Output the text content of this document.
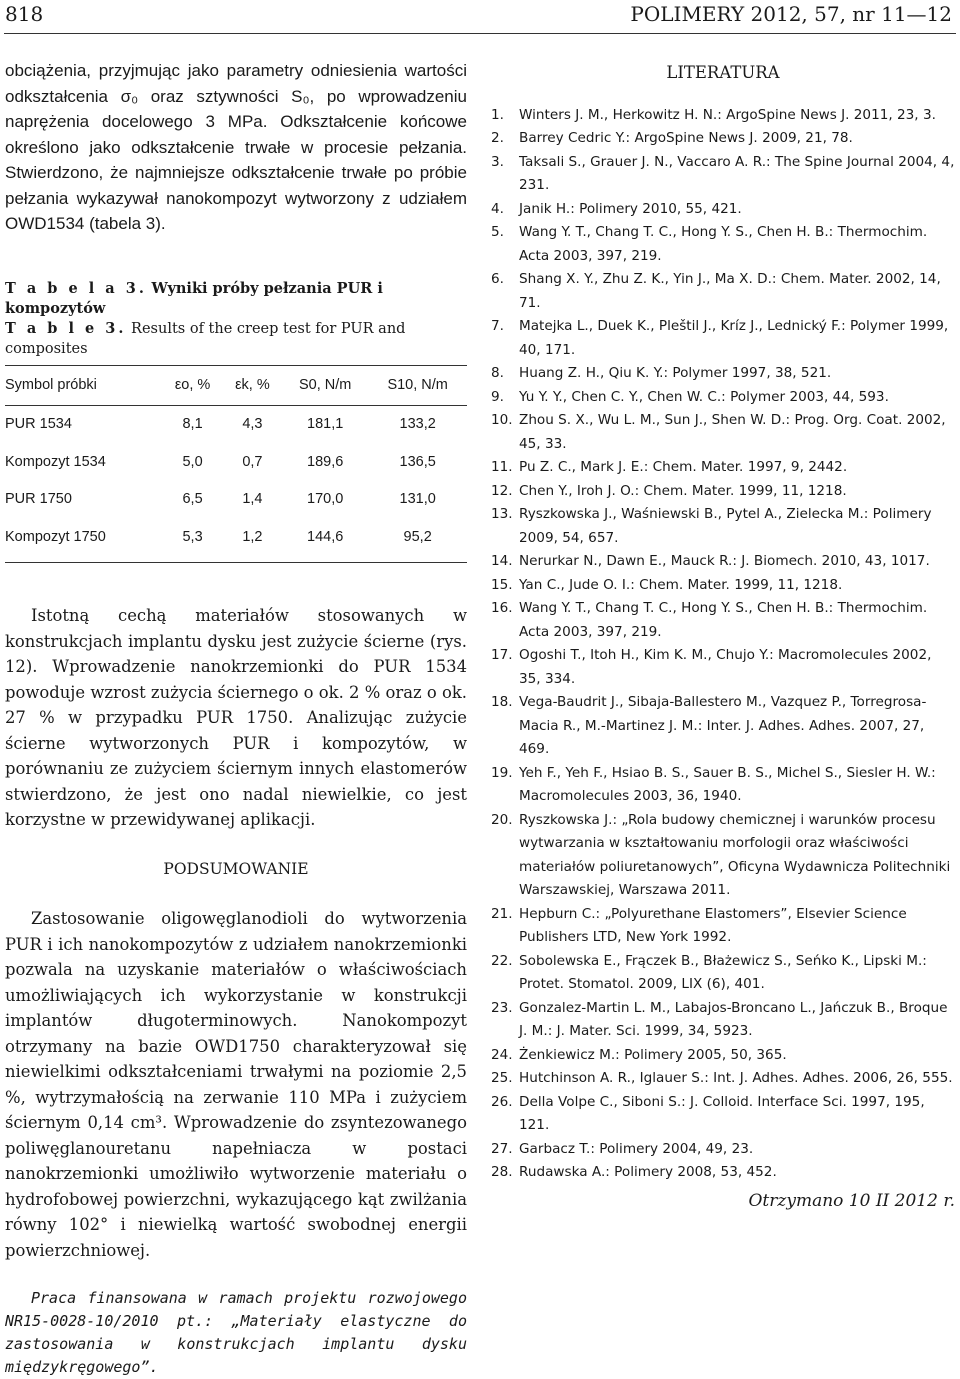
818	POLIMERY 2012, 57, nr 11—12

obciążenia, przyjmując jako parametry odniesienia wartości odkształcenia σ₀ oraz sztywności S₀, po wprowadzeniu naprężenia docelowego 3 MPa. Odkształcenie końcowe określono jako odkształcenie trwałe w procesie pełzania. Stwierdzono, że najmniejsze odkształcenie trwałe po próbie pełzania wykazywał nanokompozyt wytworzony z udziałem OWD1534 (tabela 3).

T a b e l a 3. Wyniki próby pełzania PUR i kompozytów
T a b l e 3. Results of the creep test for PUR and composites
Symbol próbki	εo, %	εk, %	S0, N/m	S10, N/m
PUR 1534	8,1	4,3	181,1	133,2
Kompozyt 1534	5,0	0,7	189,6	136,5
PUR 1750	6,5	1,4	170,0	131,0
Kompozyt 1750	5,3	1,2	144,6	95,2

Istotną cechą materiałów stosowanych w konstrukcjach implantu dysku jest zużycie ścierne (rys. 12). Wprowadzenie nanokrzemionki do PUR 1534 powoduje wzrost zużycia ściernego o ok. 2 % oraz o ok. 27 % w przypadku PUR 1750. Analizując zużycie ścierne wytworzonych PUR i kompozytów, w porównaniu ze zużyciem ściernym innych elastomerów stwierdzono, że jest ono nadal niewielkie, co jest korzystne w przewidywanej aplikacji.

PODSUMOWANIE

Zastosowanie oligowęglanodioli do wytworzenia PUR i ich nanokompozytów z udziałem nanokrzemionki pozwala na uzyskanie materiałów o właściwościach umożliwiających ich wykorzystanie w konstrukcji implantów długoterminowych. Nanokompozyt otrzymany na bazie OWD1750 charakteryzował się niewielkimi odkształceniami trwałymi na poziomie 2,5 %, wytrzymałością na zerwanie 110 MPa i zużyciem ściernym 0,14 cm³. Wprowadzenie do zsyntezowanego poliwęglanouretanu napełniacza w postaci nanokrzemionki umożliwiło wytworzenie materiału o hydrofobowej powierzchni, wykazującego kąt zwilżania równy 102° i niewielką wartość swobodnej energii powierzchniowej.

Praca finansowana w ramach projektu rozwojowego NR15-0028-10/2010 pt.: „Materiały elastyczne do zastosowania w konstrukcjach implantu dysku międzykręgowego”.

LITERATURA

1. Winters J. M., Herkowitz H. N.: ArgoSpine News J. 2011, 23, 3.
2. Barrey Cedric Y.: ArgoSpine News J. 2009, 21, 78.
3. Taksali S., Grauer J. N., Vaccaro A. R.: The Spine Journal 2004, 4, 231.
4. Janik H.: Polimery 2010, 55, 421.
5. Wang Y. T., Chang T. C., Hong Y. S., Chen H. B.: Thermochim. Acta 2003, 397, 219.
6. Shang X. Y., Zhu Z. K., Yin J., Ma X. D.: Chem. Mater. 2002, 14, 71.
7. Matejka L., Duek K., Pleštil J., Kríz J., Lednický F.: Polymer 1999, 40, 171.
8. Huang Z. H., Qiu K. Y.: Polymer 1997, 38, 521.
9. Yu Y. Y., Chen C. Y., Chen W. C.: Polymer 2003, 44, 593.
10. Zhou S. X., Wu L. M., Sun J., Shen W. D.: Prog. Org. Coat. 2002, 45, 33.
11. Pu Z. C., Mark J. E.: Chem. Mater. 1997, 9, 2442.
12. Chen Y., Iroh J. O.: Chem. Mater. 1999, 11, 1218.
13. Ryszkowska J., Waśniewski B., Pytel A., Zielecka M.: Polimery 2009, 54, 657.
14. Nerurkar N., Dawn E., Mauck R.: J. Biomech. 2010, 43, 1017.
15. Yan C., Jude O. I.: Chem. Mater. 1999, 11, 1218.
16. Wang Y. T., Chang T. C., Hong Y. S., Chen H. B.: Thermochim. Acta 2003, 397, 219.
17. Ogoshi T., Itoh H., Kim K. M., Chujo Y.: Macromolecules 2002, 35, 334.
18. Vega-Baudrit J., Sibaja-Ballestero M., Vazquez P., Torregrosa-Macia R., M.-Martinez J. M.: Inter. J. Adhes. Adhes. 2007, 27, 469.
19. Yeh F., Yeh F., Hsiao B. S., Sauer B. S., Michel S., Siesler H. W.: Macromolecules 2003, 36, 1940.
20. Ryszkowska J.: „Rola budowy chemicznej i warunków procesu wytwarzania w kształtowaniu morfologii oraz właściwości materiałów poliuretanowych”, Oficyna Wydawnicza Politechniki Warszawskiej, Warszawa 2011.
21. Hepburn C.: „Polyurethane Elastomers”, Elsevier Science Publishers LTD, New York 1992.
22. Sobolewska E., Frączek B., Błażewicz S., Seńko K., Lipski M.: Protet. Stomatol. 2009, LIX (6), 401.
23. Gonzalez-Martin L. M., Labajos-Broncano L., Jańczuk B., Broque J. M.: J. Mater. Sci. 1999, 34, 5923.
24. Żenkiewicz M.: Polimery 2005, 50, 365.
25. Hutchinson A. R., Iglauer S.: Int. J. Adhes. Adhes. 2006, 26, 555.
26. Della Volpe C., Siboni S.: J. Colloid. Interface Sci. 1997, 195, 121.
27. Garbacz T.: Polimery 2004, 49, 23.
28. Rudawska A.: Polimery 2008, 53, 452.
Otrzymano 10 II 2012 r.
